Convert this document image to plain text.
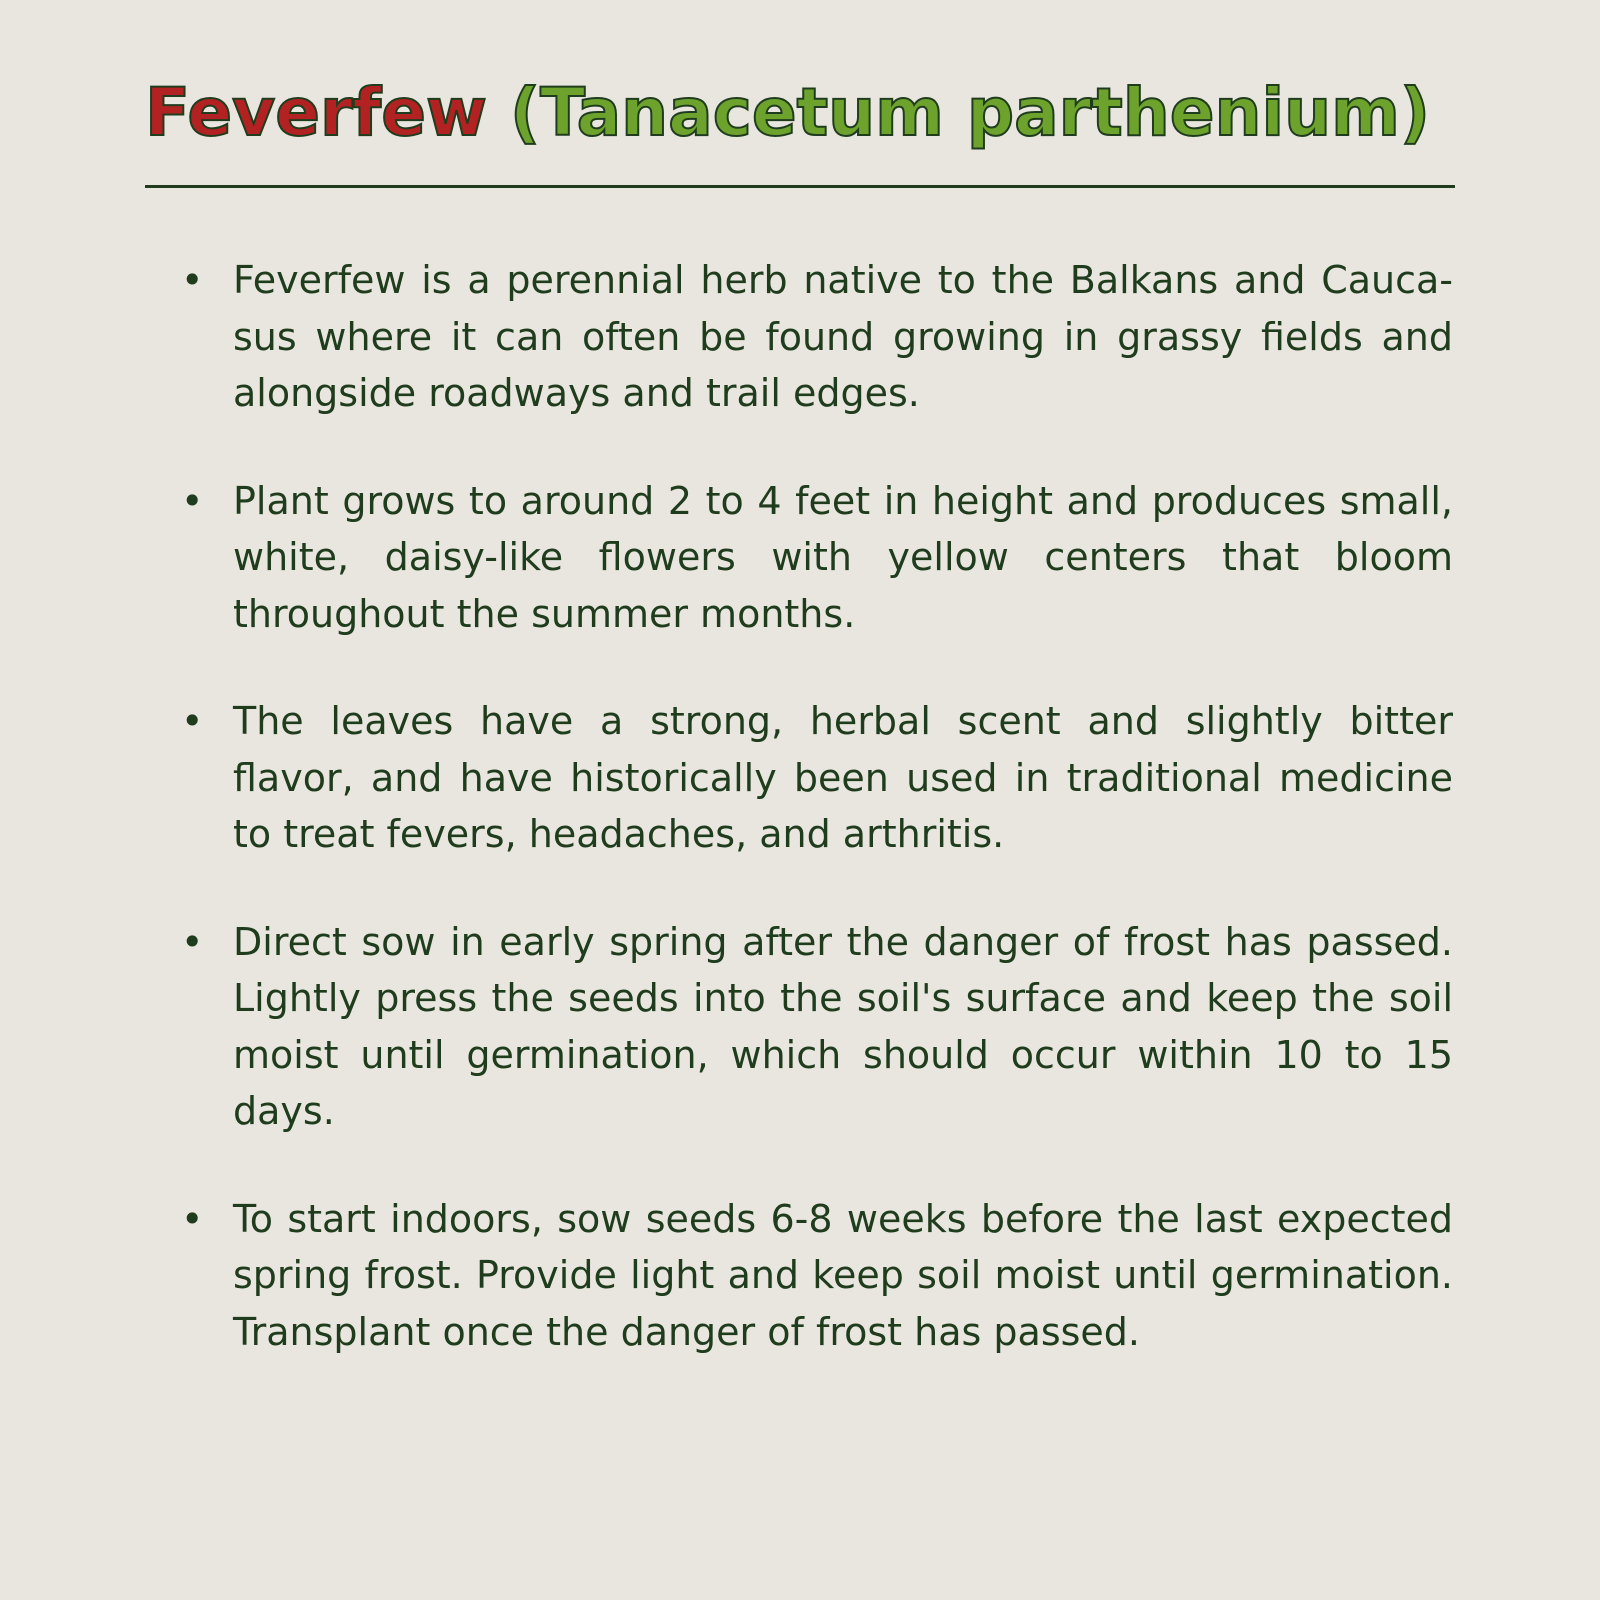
Feverfew (Tanacetum parthenium)
• Feverfew is a perennial herb native to the Balkans and Caucasus where it can often be found growing in grassy fields and alongside roadways and trail edges.
• Plant grows to around 2 to 4 feet in height and produces small, white, daisy-like flowers with yellow centers that bloom throughout the summer months.
• The leaves have a strong, herbal scent and slightly bitter flavor, and have historically been used in traditional medicine to treat fevers, headaches, and arthritis.
• Direct sow in early spring after the danger of frost has passed. Lightly press the seeds into the soil's surface and keep the soil moist until germination, which should occur within 10 to 15 days.
• To start indoors, sow seeds 6-8 weeks before the last expected spring frost. Provide light and keep soil moist until germination. Transplant once the danger of frost has passed.
